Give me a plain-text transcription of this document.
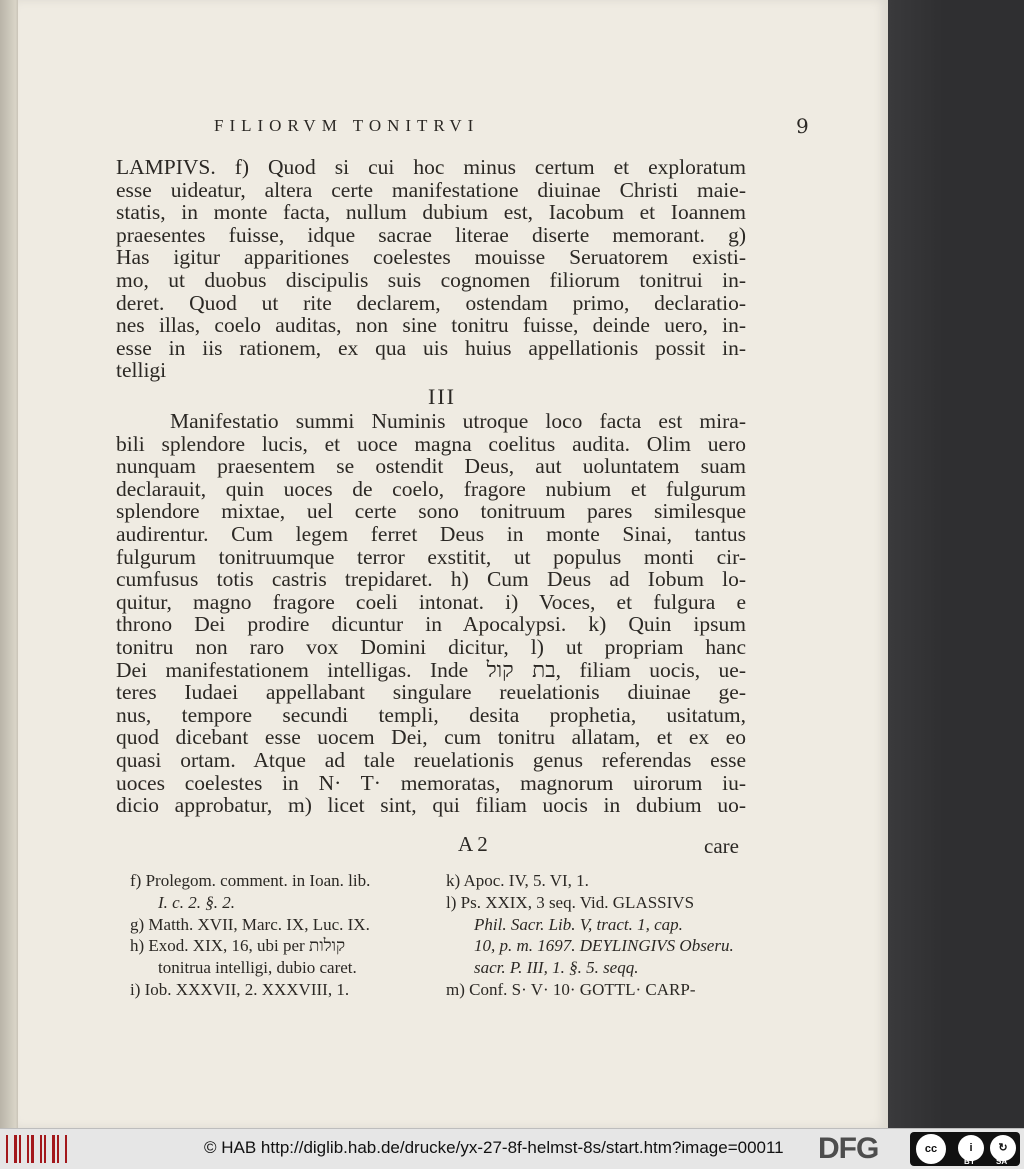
FILIORVM TONITRVI	9
LAMPIVS. f) Quod si cui hoc minus certum et exploratum
esse uideatur, altera certe manifestatione diuinae Christi maie-
statis, in monte facta, nullum dubium est, Iacobum et Ioannem
praesentes fuisse, idque sacrae literae diserte memorant. g)
Has igitur apparitiones coelestes mouisse Seruatorem existi-
mo, ut duobus discipulis suis cognomen filiorum tonitrui in-
deret. Quod ut rite declarem, ostendam primo, declaratio-
nes illas, coelo auditas, non sine tonitru fuisse, deinde uero, in-
esse in iis rationem, ex qua uis huius appellationis possit in-
telligi
III
Manifestatio summi Numinis utroque loco facta est mira-
bili splendore lucis, et uoce magna coelitus audita. Olim uero
nunquam praesentem se ostendit Deus, aut uoluntatem suam
declarauit, quin uoces de coelo, fragore nubium et fulgurum
splendore mixtae, uel certe sono tonitruum pares similesque
audirentur. Cum legem ferret Deus in monte Sinai, tantus
fulgurum tonitruumque terror exstitit, ut populus monti cir-
cumfusus totis castris trepidaret. h) Cum Deus ad Iobum lo-
quitur, magno fragore coeli intonat. i) Voces, et fulgura e
throno Dei prodire dicuntur in Apocalypsi. k) Quin ipsum
tonitru non raro vox Domini dicitur, l) ut propriam hanc
Dei manifestationem intelligas. Inde בת קול, filiam uocis, ue-
teres Iudaei appellabant singulare reuelationis diuinae ge-
nus, tempore secundi templi, desita prophetia, usitatum,
quod dicebant esse uocem Dei, cum tonitru allatam, et ex eo
quasi ortam. Atque ad tale reuelationis genus referendas esse
uoces coelestes in N· T· memoratas, magnorum uirorum iu-
dicio approbatur, m) licet sint, qui filiam uocis in dubium uo-
A 2	care
f) Prolegom. comment. in Ioan. lib.
I. c. 2. §. 2.
g) Matth. XVII, Marc. IX, Luc. IX.
h) Exod. XIX, 16, ubi per קולות
tonitrua intelligi, dubio caret.
i) Iob. XXXVII, 2. XXXVIII, 1.
k) Apoc. IV, 5. VI, 1.
l) Ps. XXIX, 3 seq. Vid. GLASSIVS
Phil. Sacr. Lib. V, tract. 1, cap.
10, p. m. 1697. DEYLINGIVS Obseru.
sacr. P. III, 1. §. 5. seqq.
m) Conf. S· V· 10· GOTTL· CARP-
© HAB http://diglib.hab.de/drucke/yx-27-8f-helmst-8s/start.htm?image=00011 DFG	cc	i	↻
BY	SA
